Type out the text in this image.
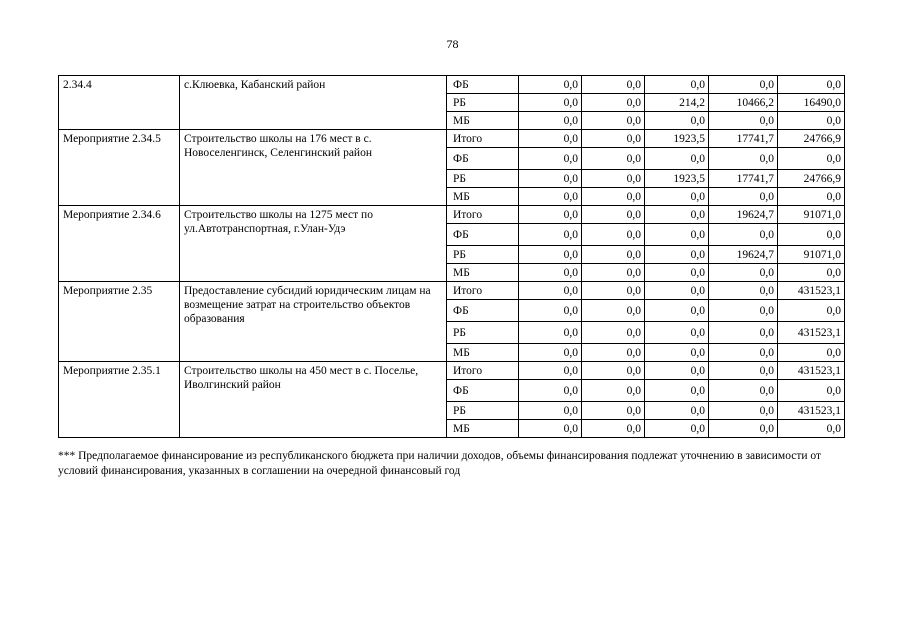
78
2.34.4	с.Клюевка, Кабанский район	ФБ	0,0	0,0	0,0	0,0	0,0
		РБ	0,0	0,0	214,2	10466,2	16490,0
		МБ	0,0	0,0	0,0	0,0	0,0
Мероприятие 2.34.5	Строительство школы на 176 мест в с. Новоселенгинск, Селенгинский район	Итого	0,0	0,0	1923,5	17741,7	24766,9
		ФБ	0,0	0,0	0,0	0,0	0,0
		РБ	0,0	0,0	1923,5	17741,7	24766,9
		МБ	0,0	0,0	0,0	0,0	0,0
Мероприятие 2.34.6	Строительство школы на 1275 мест по ул.Автотранспортная, г.Улан-Удэ	Итого	0,0	0,0	0,0	19624,7	91071,0
		ФБ	0,0	0,0	0,0	0,0	0,0
		РБ	0,0	0,0	0,0	19624,7	91071,0
		МБ	0,0	0,0	0,0	0,0	0,0
Мероприятие 2.35	Предоставление субсидий юридическим лицам на возмещение затрат на строительство объектов образования	Итого	0,0	0,0	0,0	0,0	431523,1
		ФБ	0,0	0,0	0,0	0,0	0,0
		РБ	0,0	0,0	0,0	0,0	431523,1
		МБ	0,0	0,0	0,0	0,0	0,0
Мероприятие 2.35.1	Строительство школы на 450 мест в с. Поселье, Иволгинский район	Итого	0,0	0,0	0,0	0,0	431523,1
		ФБ	0,0	0,0	0,0	0,0	0,0
		РБ	0,0	0,0	0,0	0,0	431523,1
		МБ	0,0	0,0	0,0	0,0	0,0
*** Предполагаемое финансирование из республиканского бюджета при наличии доходов, объемы финансирования подлежат уточнению в зависимости от условий финансирования, указанных в соглашении на очередной финансовый год
